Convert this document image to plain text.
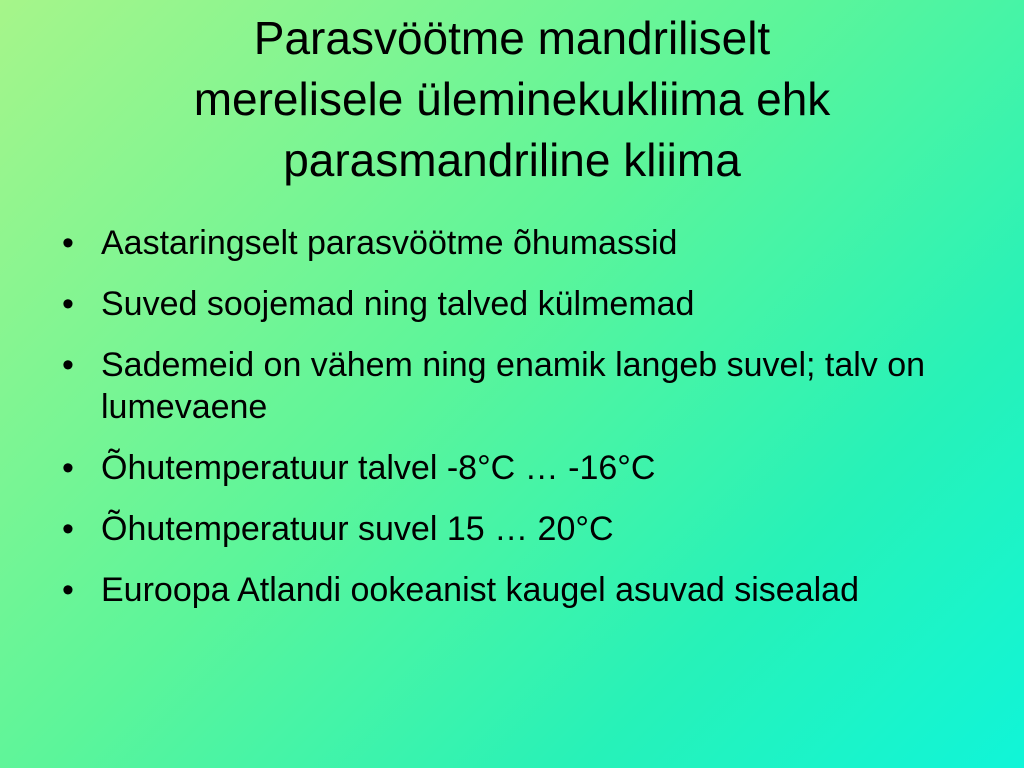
Parasvöötme mandriliselt
merelisele üleminekukliima ehk
parasmandriline kliima
• Aastaringselt parasvöötme õhumassid
• Suved soojemad ning talved külmemad
• Sademeid on vähem ning enamik langeb suvel; talv on lumevaene
• Õhutemperatuur talvel -8°C … -16°C
• Õhutemperatuur suvel 15 … 20°C
• Euroopa Atlandi ookeanist kaugel asuvad sisealad
